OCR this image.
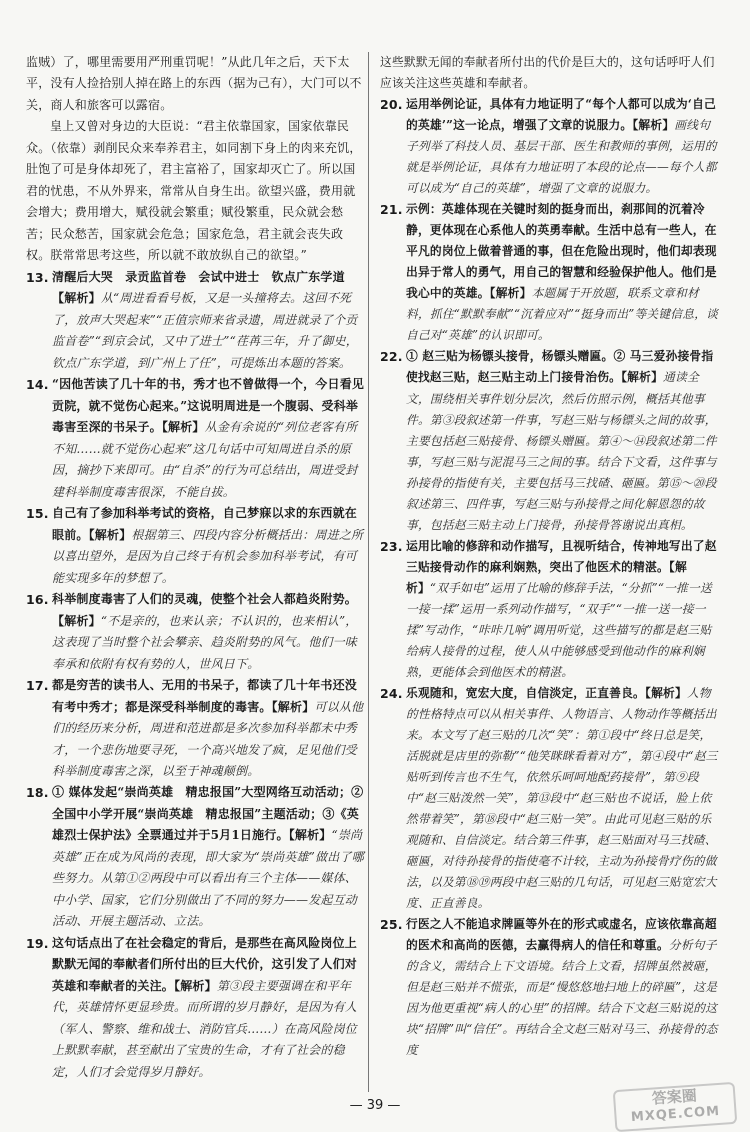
监贼）了，哪里需要用严刑重罚呢！”从此几年之后，天下太平，没有人捡拾别人掉在路上的东西（据为己有），大门可以不关，商人和旅客可以露宿。

皇上又曾对身边的大臣说：“君主依靠国家，国家依靠民众。（依靠）剥削民众来奉养君主，如同割下身上的肉来充饥，肚饱了可是身体却死了，君主富裕了，国家却灭亡了。所以国君的忧患，不从外界来，常常从自身生出。欲望兴盛，费用就会增大；费用增大，赋役就会繁重；赋役繁重，民众就会愁苦；民众愁苦，国家就会危急；国家危急，君主就会丧失政权。朕常常思考这些，所以就不敢放纵自己的欲望。”

13. 清醒后大哭　录贡监首卷　会试中进士　钦点广东学道【解析】从“周进看看号板，又是一头撞将去。这回不死了，放声大哭起来”“正值宗师来省录遗，周进就录了个贡监首卷”“到京会试，又中了进士”“荏苒三年，升了御史，钦点广东学道，到广州上了任”，可提炼出本题的答案。
14. “因他苦读了几十年的书，秀才也不曾做得一个，今日看见贡院，就不觉伤心起来。”这说明周进是一个腹弱、受科举毒害至深的书呆子。【解析】从金有余说的“列位老客有所不知……就不觉伤心起来”这几句话中可知周进自杀的原因，摘抄下来即可。由“自杀”的行为可总结出，周进受封建科举制度毒害很深，不能自拔。
15. 自己有了参加科举考试的资格，自己梦寐以求的东西就在眼前。【解析】根据第三、四段内容分析概括出：周进之所以喜出望外，是因为自己终于有机会参加科举考试，有可能实现多年的梦想了。
16. 科举制度毒害了人们的灵魂，使整个社会人都趋炎附势。【解析】“不是亲的，也来认亲；不认识的，也来相认”，这表现了当时整个社会攀亲、趋炎附势的风气。他们一味奉承和依附有权有势的人，世风日下。
17. 都是穷苦的读书人、无用的书呆子，都读了几十年书还没有考中秀才；都是深受科举制度的毒害。【解析】可以从他们的经历来分析，周进和范进都是多次参加科举都未中秀才，一个悲伤地要寻死，一个高兴地发了疯，足见他们受科举制度毒害之深，以至于神魂颠倒。
18. ① 媒体发起“崇尚英雄　精忠报国”大型网络互动活动；② 全国中小学开展“崇尚英雄　精忠报国”主题活动；③《英雄烈士保护法》全票通过并于5月1日施行。【解析】“崇尚英雄”正在成为风尚的表现，即大家为“崇尚英雄”做出了哪些努力。从第①②两段中可以看出有三个主体——媒体、中小学、国家，它们分别做出了不同的努力——发起互动活动、开展主题活动、立法。
19. 这句话点出了在社会稳定的背后，是那些在高风险岗位上默默无闻的奉献者们所付出的巨大代价，这引发了人们对英雄和奉献者的关注。【解析】第③段主要强调在和平年代，英雄情怀更显珍贵。而所谓的岁月静好，是因为有人（军人、警察、维和战士、消防官兵……）在高风险岗位上默默奉献，甚至献出了宝贵的生命，才有了社会的稳定，人们才会觉得岁月静好。

这些默默无闻的奉献者所付出的代价是巨大的，这句话呼吁人们应该关注这些英雄和奉献者。

20. 运用举例论证，具体有力地证明了“每个人都可以成为‘自己的英雄’”这一论点，增强了文章的说服力。【解析】画线句子列举了科技人员、基层干部、医生和教师的事例，运用的就是举例论证，具体有力地证明了本段的论点——每个人都可以成为“自己的英雄”，增强了文章的说服力。
21. 示例：英雄体现在关键时刻的挺身而出，刹那间的沉着冷静，更体现在心系他人的英勇奉献。生活中总有一些人，在平凡的岗位上做着普通的事，但在危险出现时，他们却表现出异于常人的勇气，用自己的智慧和经验保护他人。他们是我心中的英雄。【解析】本题属于开放题，联系文章和材料，抓住“默默奉献”“沉着应对”“挺身而出”等关键信息，谈自己对“英雄”的认识即可。
22. ① 赵三贴为杨镖头接骨，杨镖头赠匾。② 马三爱孙接骨指使找赵三贴，赵三贴主动上门接骨治伤。【解析】通读全文，围绕相关事件划分层次，然后仿照示例，概括其他事件。第③段叙述第一件事，写赵三贴与杨镖头之间的故事，主要包括赵三贴接骨、杨镖头赠匾。第④～⑭段叙述第二件事，写赵三贴与泥混马三之间的事。结合下文看，这件事与孙接骨的指使有关，主要包括马三找碴、砸匾。第⑮～⑳段叙述第三、四件事，写赵三贴与孙接骨之间化解恩怨的故事，包括赵三贴主动上门接骨，孙接骨答谢说出真相。
23. 运用比喻的修辞和动作描写，且视听结合，传神地写出了赵三贴接骨动作的麻利娴熟，突出了他医术的精湛。【解析】“双手如电”运用了比喻的修辞手法，“分抓”“一推一送一接一揉”运用一系列动作描写，“双手”“一推一送一接一揉”写动作，“咔咔几响”调用听觉，这些描写的都是赵三贴给病人接骨的过程，使人从中能够感受到他动作的麻利娴熟，更能体会到他医术的精湛。
24. 乐观随和，宽宏大度，自信淡定，正直善良。【解析】人物的性格特点可以从相关事件、人物语言、人物动作等概括出来。本文写了赵三贴的几次“笑”：第①段中“终日总是笑，活脱就是店里的弥勒”“他笑眯眯看着对方”，第④段中“赵三贴听到传言也不生气，依然乐呵呵地配药接骨”，第⑨段中“赵三贴泼然一笑”，第⑬段中“赵三贴也不说话，脸上依然带着笑”，第⑱段中“赵三贴一笑”。由此可见赵三贴的乐观随和、自信淡定。结合第三件事，赵三贴面对马三找碴、砸匾，对待孙接骨的指使毫不计较，主动为孙接骨疗伤的做法，以及第⑱⑲两段中赵三贴的几句话，可见赵三贴宽宏大度、正直善良。
25. 行医之人不能追求牌匾等外在的形式或虚名，应该依靠高超的医术和高尚的医德，去赢得病人的信任和尊重。分析句子的含义，需结合上下文语境。结合上文看，招牌虽然被砸，但是赵三贴并不慌张，而是“慢悠悠地扫地上的碎匾”，这是因为他更重视“病人的心里”的招牌。结合下文赵三贴说的这块“招牌”叫“信任”。再结合全文赵三贴对马三、孙接骨的态度
— 39 —	答案圈
MXQE.COM
